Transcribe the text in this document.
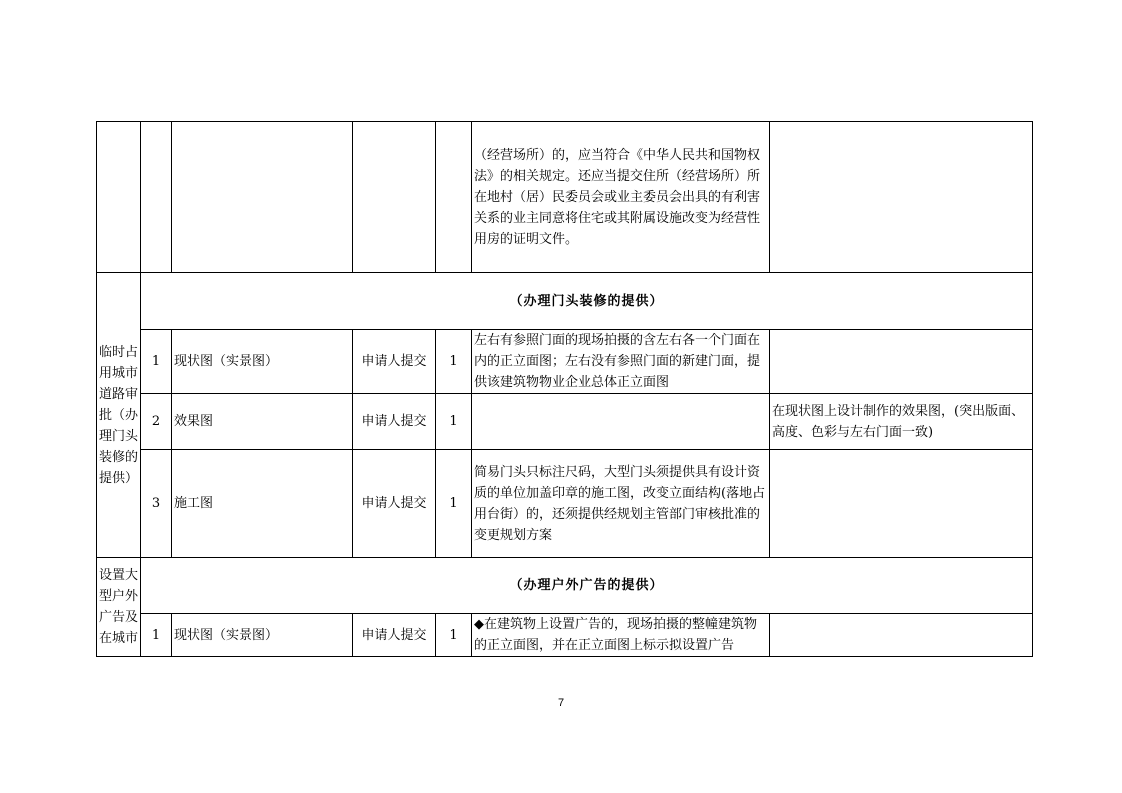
					（经营场所）的，应当符合《中华人民共和国物权法》的相关规定。还应当提交住所（经营场所）所在地村（居）民委员会或业主委员会出具的有利害关系的业主同意将住宅或其附属设施改变为经营性用房的证明文件。	
临时占用城市道路审批（办理门头装修的提供）	（办理门头装修的提供）					
	1	现状图（实景图）	申请人提交	1	左右有参照门面的现场拍摄的含左右各一个门面在内的正立面图；左右没有参照门面的新建门面，提供该建筑物物业企业总体正立面图	
	2	效果图	申请人提交	1		在现状图上设计制作的效果图，(突出版面、高度、色彩与左右门面一致)
	3	施工图	申请人提交	1	简易门头只标注尺码，大型门头须提供具有设计资质的单位加盖印章的施工图，改变立面结构(落地占用台街）的，还须提供经规划主管部门审核批准的变更规划方案	
设置大型户外广告及在城市	（办理户外广告的提供）					
	1	现状图（实景图）	申请人提交	1	◆在建筑物上设置广告的，现场拍摄的整幢建筑物的正立面图，并在正立面图上标示拟设置广告	
7
